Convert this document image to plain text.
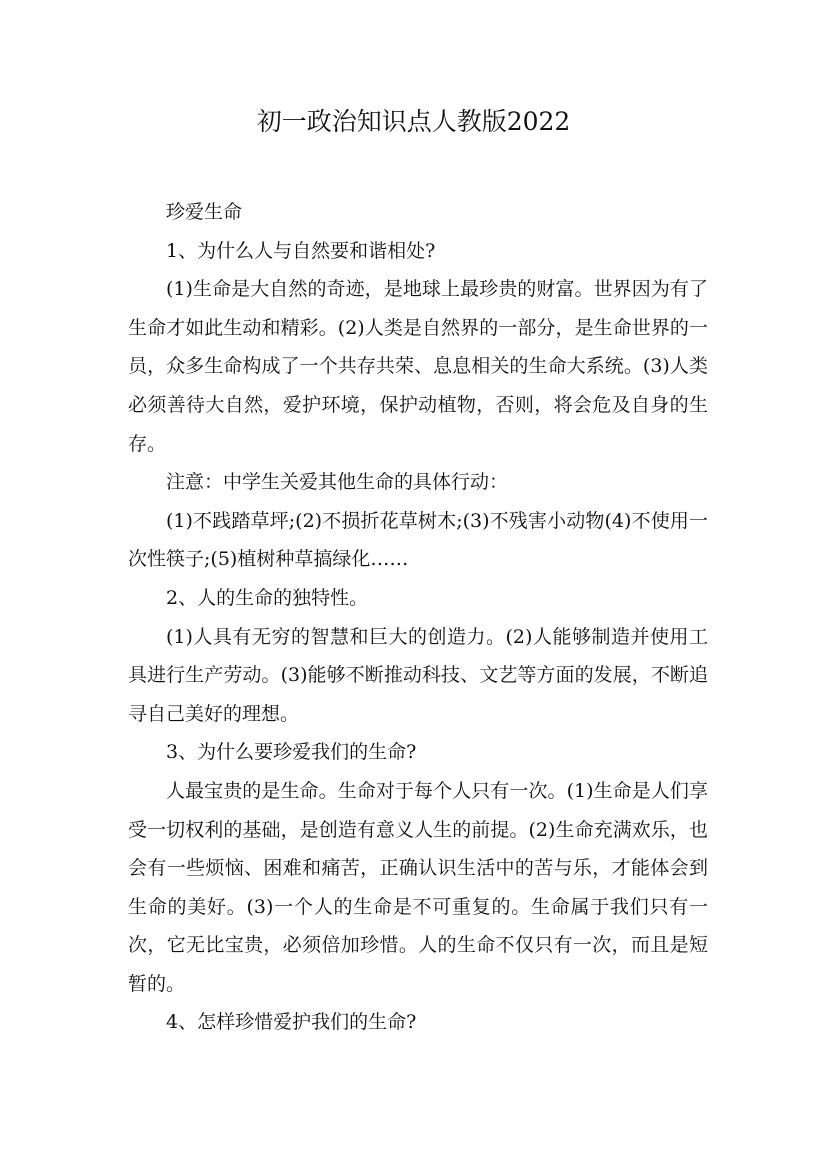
初一政治知识点人教版2022

珍爱生命

1、为什么人与自然要和谐相处?

(1)生命是大自然的奇迹，是地球上最珍贵的财富。世界因为有了生命才如此生动和精彩。(2)人类是自然界的一部分，是生命世界的一员，众多生命构成了一个共存共荣、息息相关的生命大系统。(3)人类必须善待大自然，爱护环境，保护动植物，否则，将会危及自身的生存。

注意：中学生关爱其他生命的具体行动：

(1)不践踏草坪;(2)不损折花草树木;(3)不残害小动物(4)不使用一次性筷子;(5)植树种草搞绿化……

2、人的生命的独特性。

(1)人具有无穷的智慧和巨大的创造力。(2)人能够制造并使用工具进行生产劳动。(3)能够不断推动科技、文艺等方面的发展，不断追寻自己美好的理想。

3、为什么要珍爱我们的生命?

人最宝贵的是生命。生命对于每个人只有一次。(1)生命是人们享受一切权利的基础，是创造有意义人生的前提。(2)生命充满欢乐，也会有一些烦恼、困难和痛苦，正确认识生活中的苦与乐，才能体会到生命的美好。(3)一个人的生命是不可重复的。生命属于我们只有一次，它无比宝贵，必须倍加珍惜。人的生命不仅只有一次，而且是短暂的。

4、怎样珍惜爱护我们的生命?
